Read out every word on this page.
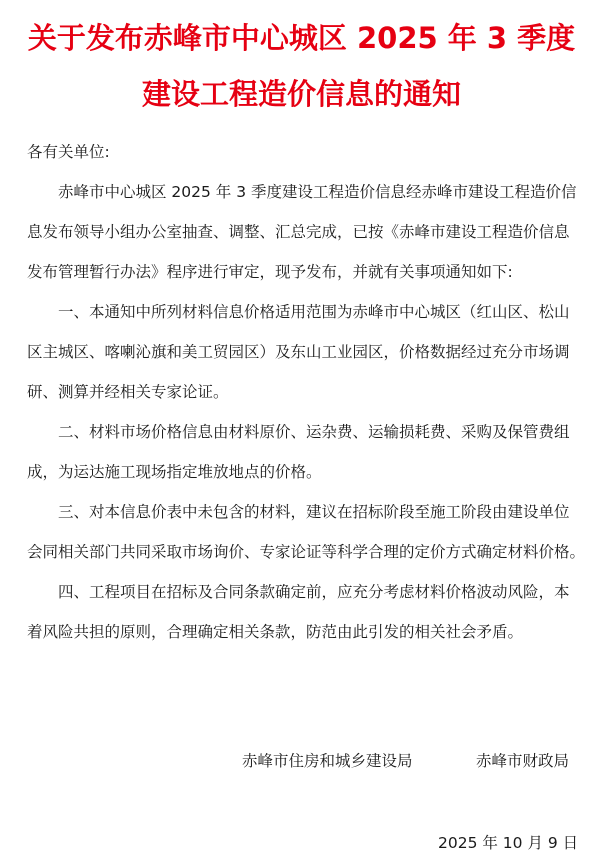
关于发布赤峰市中心城区 2025 年 3 季度
建设工程造价信息的通知
各有关单位:
赤峰市中心城区 2025 年 3 季度建设工程造价信息经赤峰市建设工程造价信
息发布领导小组办公室抽查、调整、汇总完成，已按《赤峰市建设工程造价信息
发布管理暂行办法》程序进行审定，现予发布，并就有关事项通知如下:
一、本通知中所列材料信息价格适用范围为赤峰市中心城区（红山区、松山
区主城区、喀喇沁旗和美工贸园区）及东山工业园区，价格数据经过充分市场调
研、测算并经相关专家论证。
二、材料市场价格信息由材料原价、运杂费、运输损耗费、采购及保管费组
成，为运达施工现场指定堆放地点的价格。
三、对本信息价表中未包含的材料，建议在招标阶段至施工阶段由建设单位
会同相关部门共同采取市场询价、专家论证等科学合理的定价方式确定材料价格。
四、工程项目在招标及合同条款确定前，应充分考虑材料价格波动风险，本
着风险共担的原则，合理确定相关条款，防范由此引发的相关社会矛盾。
赤峰市住房和城乡建设局	赤峰市财政局
2025 年 10 月 9 日
